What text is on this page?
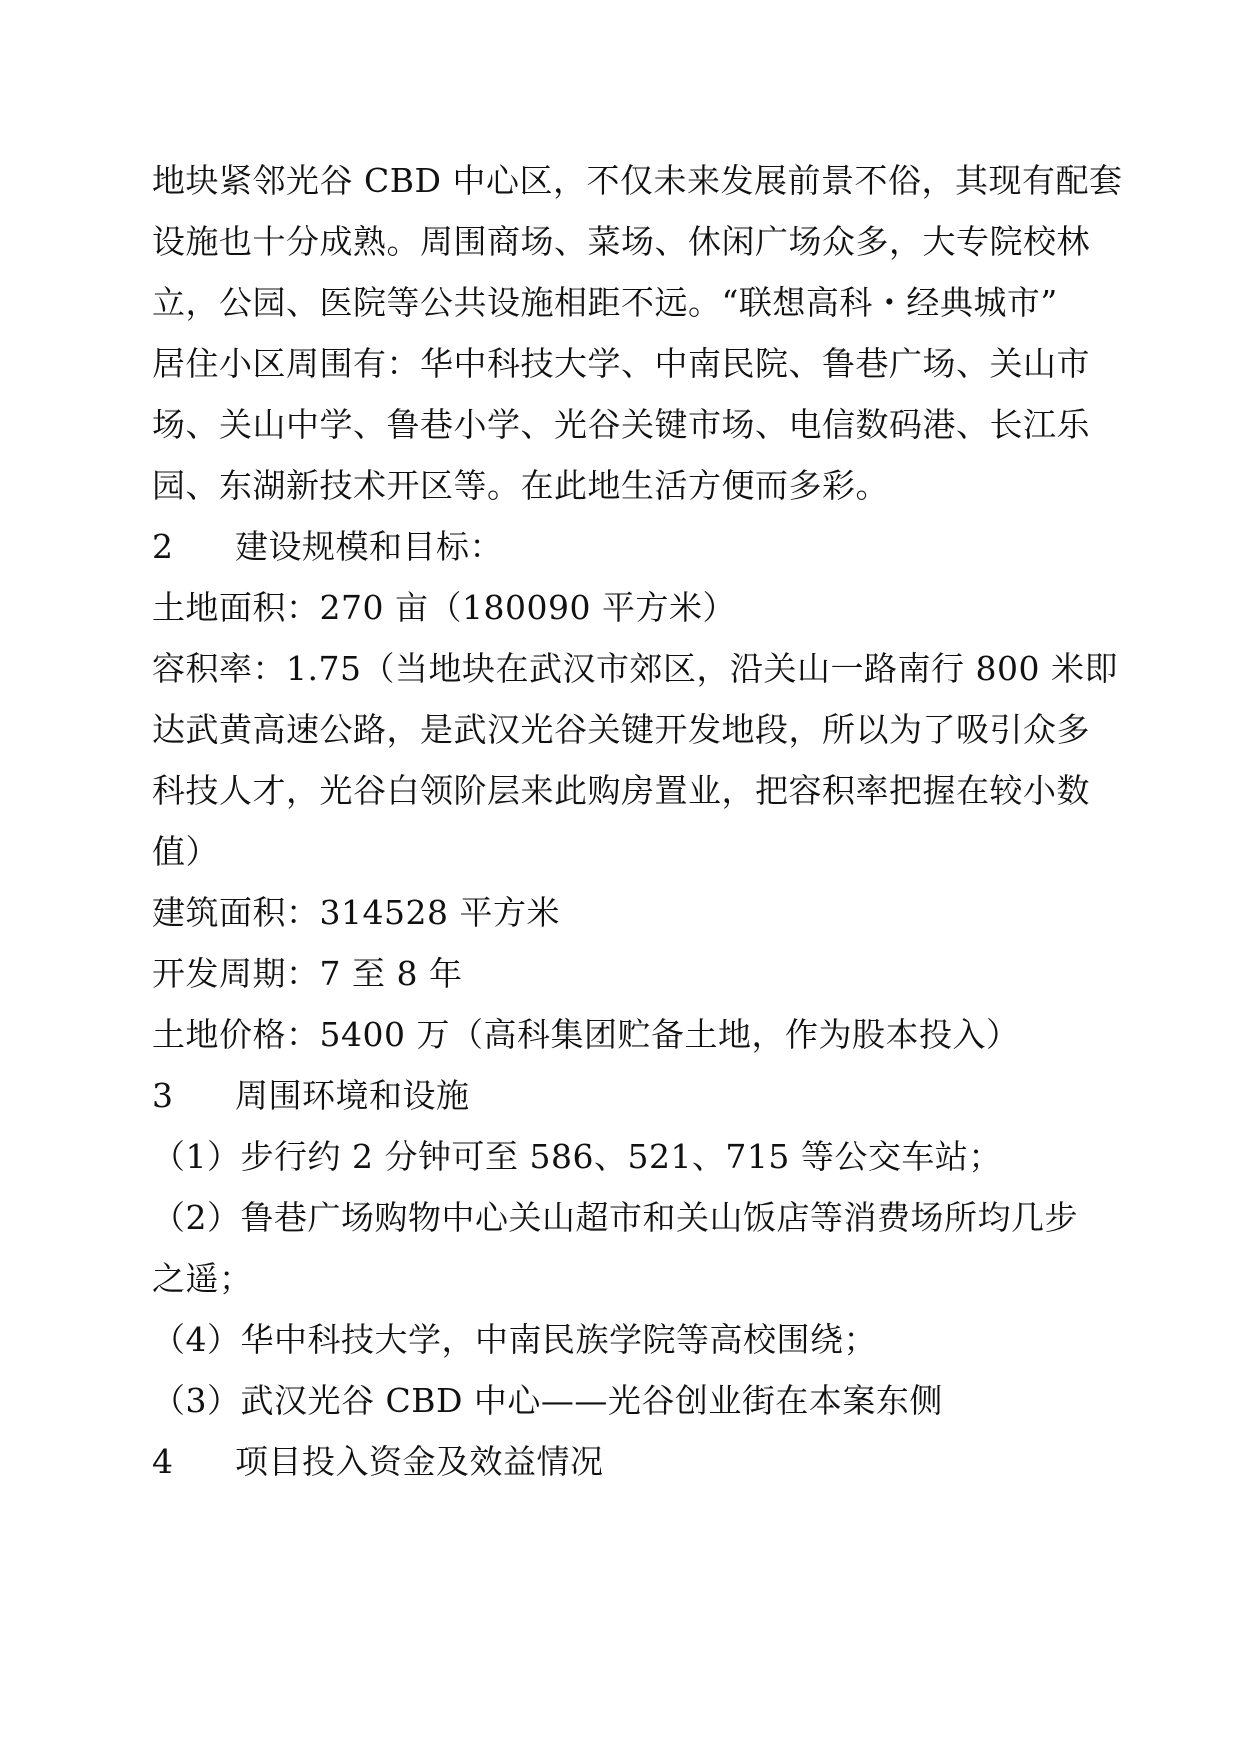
地块紧邻光谷 CBD 中心区，不仅未来发展前景不俗，其现有配套
设施也十分成熟。周围商场、菜场、休闲广场众多，大专院校林
立，公园、医院等公共设施相距不远。“联想高科・经典城市”
居住小区周围有：华中科技大学、中南民院、鲁巷广场、关山市
场、关山中学、鲁巷小学、光谷关键市场、电信数码港、长江乐
园、东湖新技术开区等。在此地生活方便而多彩。
2 建设规模和目标：
土地面积：270 亩（180090 平方米）
容积率：1.75（当地块在武汉市郊区，沿关山一路南行 800 米即
达武黄高速公路，是武汉光谷关键开发地段，所以为了吸引众多
科技人才，光谷白领阶层来此购房置业，把容积率把握在较小数
值）
建筑面积：314528 平方米
开发周期：7 至 8 年
土地价格：5400 万（高科集团贮备土地，作为股本投入）
3 周围环境和设施
（1）步行约 2 分钟可至 586、521、715 等公交车站；
（2）鲁巷广场购物中心关山超市和关山饭店等消费场所均几步
之遥；
（4）华中科技大学，中南民族学院等高校围绕；
（3）武汉光谷 CBD 中心——光谷创业街在本案东侧
4 项目投入资金及效益情况
